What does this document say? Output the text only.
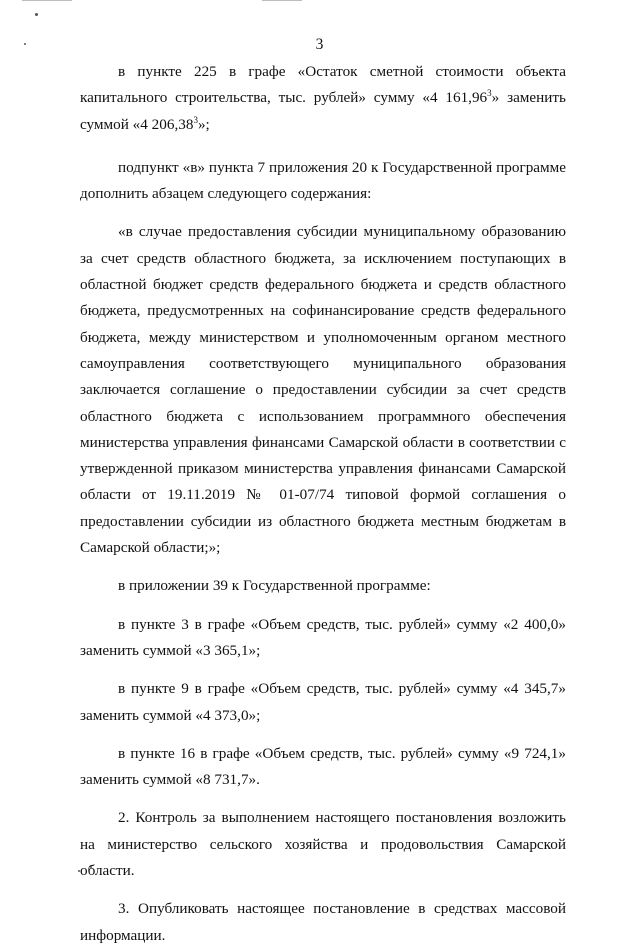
3

в пункте 225 в графе «Остаток сметной стоимости объекта капитального строительства, тыс. рублей» сумму «4 161,96$^3$» заменить суммой «4 206,38$^3$»;

подпункт «в» пункта 7 приложения 20 к Государственной программе дополнить абзацем следующего содержания:

«в случае предоставления субсидии муниципальному образованию за счет средств областного бюджета, за исключением поступающих в областной бюджет средств федерального бюджета и средств областного бюджета, предусмотренных на софинансирование средств федерального бюджета, между министерством и уполномоченным органом местного самоуправления соответствующего муниципального образования заключается соглашение о предоставлении субсидии за счет средств областного бюджета с использованием программного обеспечения министерства управления финансами Самарской области в соответствии с утвержденной приказом министерства управления финансами Самарской области от 19.11.2019 № 01-07/74 типовой формой соглашения о предоставлении субсидии из областного бюджета местным бюджетам в Самарской области;»;

в приложении 39 к Государственной программе:

в пункте 3 в графе «Объем средств, тыс. рублей» сумму «2 400,0» заменить суммой «3 365,1»;

в пункте 9 в графе «Объем средств, тыс. рублей» сумму «4 345,7» заменить суммой «4 373,0»;

в пункте 16 в графе «Объем средств, тыс. рублей» сумму «9 724,1» заменить суммой «8 731,7».

2. Контроль за выполнением настоящего постановления возложить на министерство сельского хозяйства и продовольствия Самарской области.

3. Опубликовать настоящее постановление в средствах массовой информации.
